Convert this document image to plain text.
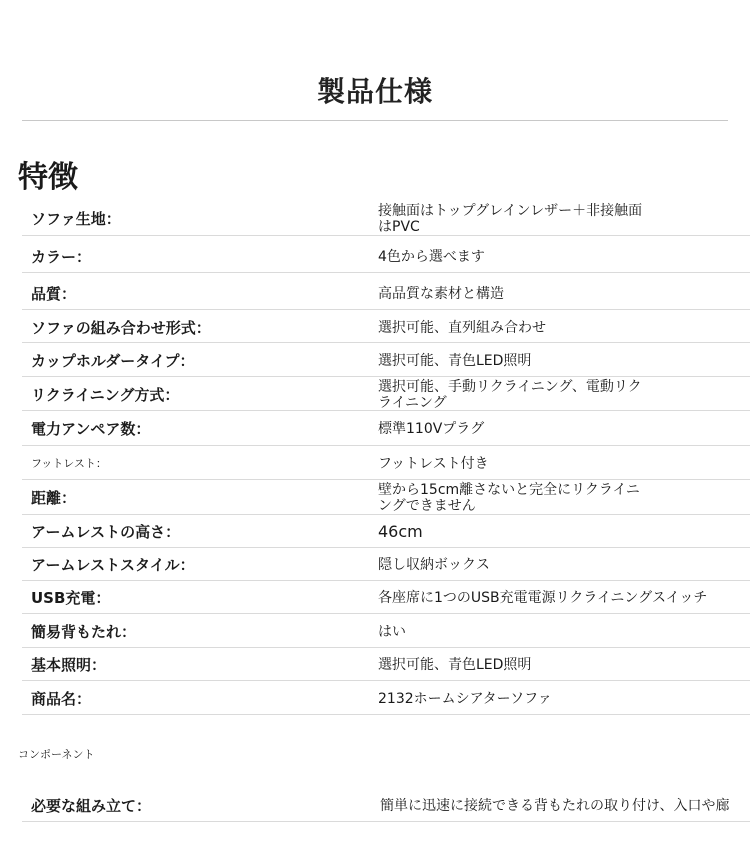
製品仕様
特徴
ソファ生地：	接触面はトップグレインレザー＋非接触面はPVC
カラー：	4色から選べます
品質：	高品質な素材と構造
ソファの組み合わせ形式：	選択可能、直列組み合わせ
カップホルダータイプ：	選択可能、青色LED照明
リクライニング方式：	選択可能、手動リクライニング、電動リクライニング
電力アンペア数：	標準110Vプラグ
フットレスト：	フットレスト付き
距離：	壁から15cm離さないと完全にリクライニングできません
アームレストの高さ：	46cm
アームレストスタイル：	隠し収納ボックス
USB充電：	各座席に1つのUSB充電電源リクライニングスイッチ
簡易背もたれ：	はい
基本照明：	選択可能、青色LED照明
商品名：	2132ホームシアターソファ
コンポーネント
必要な組み立て：	簡単に迅速に接続できる背もたれの取り付け、入口や廊
